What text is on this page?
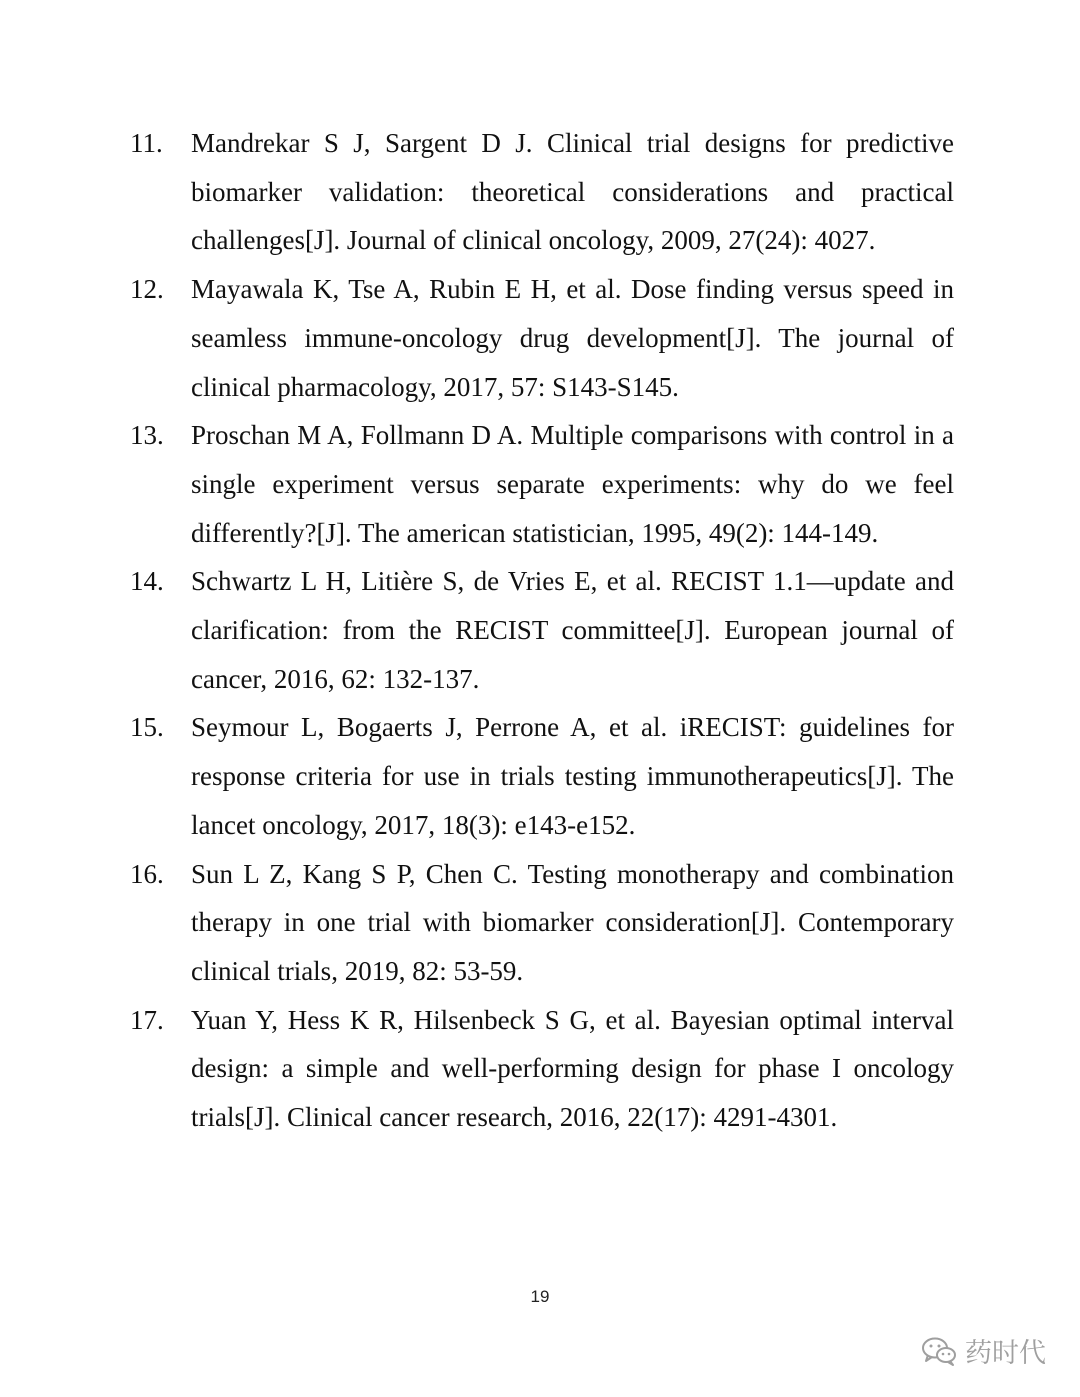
11.	Mandrekar S J, Sargent D J. Clinical trial designs for predictive biomarker validation: theoretical considerations and practical challenges[J]. Journal of clinical oncology, 2009, 27(24): 4027.

12.	Mayawala K, Tse A, Rubin E H, et al. Dose finding versus speed in seamless immune-oncology drug development[J]. The journal of clinical pharmacology, 2017, 57: S143-S145.

13.	Proschan M A, Follmann D A. Multiple comparisons with control in a single experiment versus separate experiments: why do we feel differently?[J]. The american statistician, 1995, 49(2): 144-149.

14.	Schwartz L H, Litière S, de Vries E, et al. RECIST 1.1—update and clarification: from the RECIST committee[J]. European journal of cancer, 2016, 62: 132-137.

15.	Seymour L, Bogaerts J, Perrone A, et al. iRECIST: guidelines for response criteria for use in trials testing immunotherapeutics[J]. The lancet oncology, 2017, 18(3): e143-e152.

16.	Sun L Z, Kang S P, Chen C. Testing monotherapy and combination therapy in one trial with biomarker consideration[J]. Contemporary clinical trials, 2019, 82: 53-59.

17.	Yuan Y, Hess K R, Hilsenbeck S G, et al. Bayesian optimal interval design: a simple and well-performing design for phase I oncology trials[J]. Clinical cancer research, 2016, 22(17): 4291-4301.

19
药时代
